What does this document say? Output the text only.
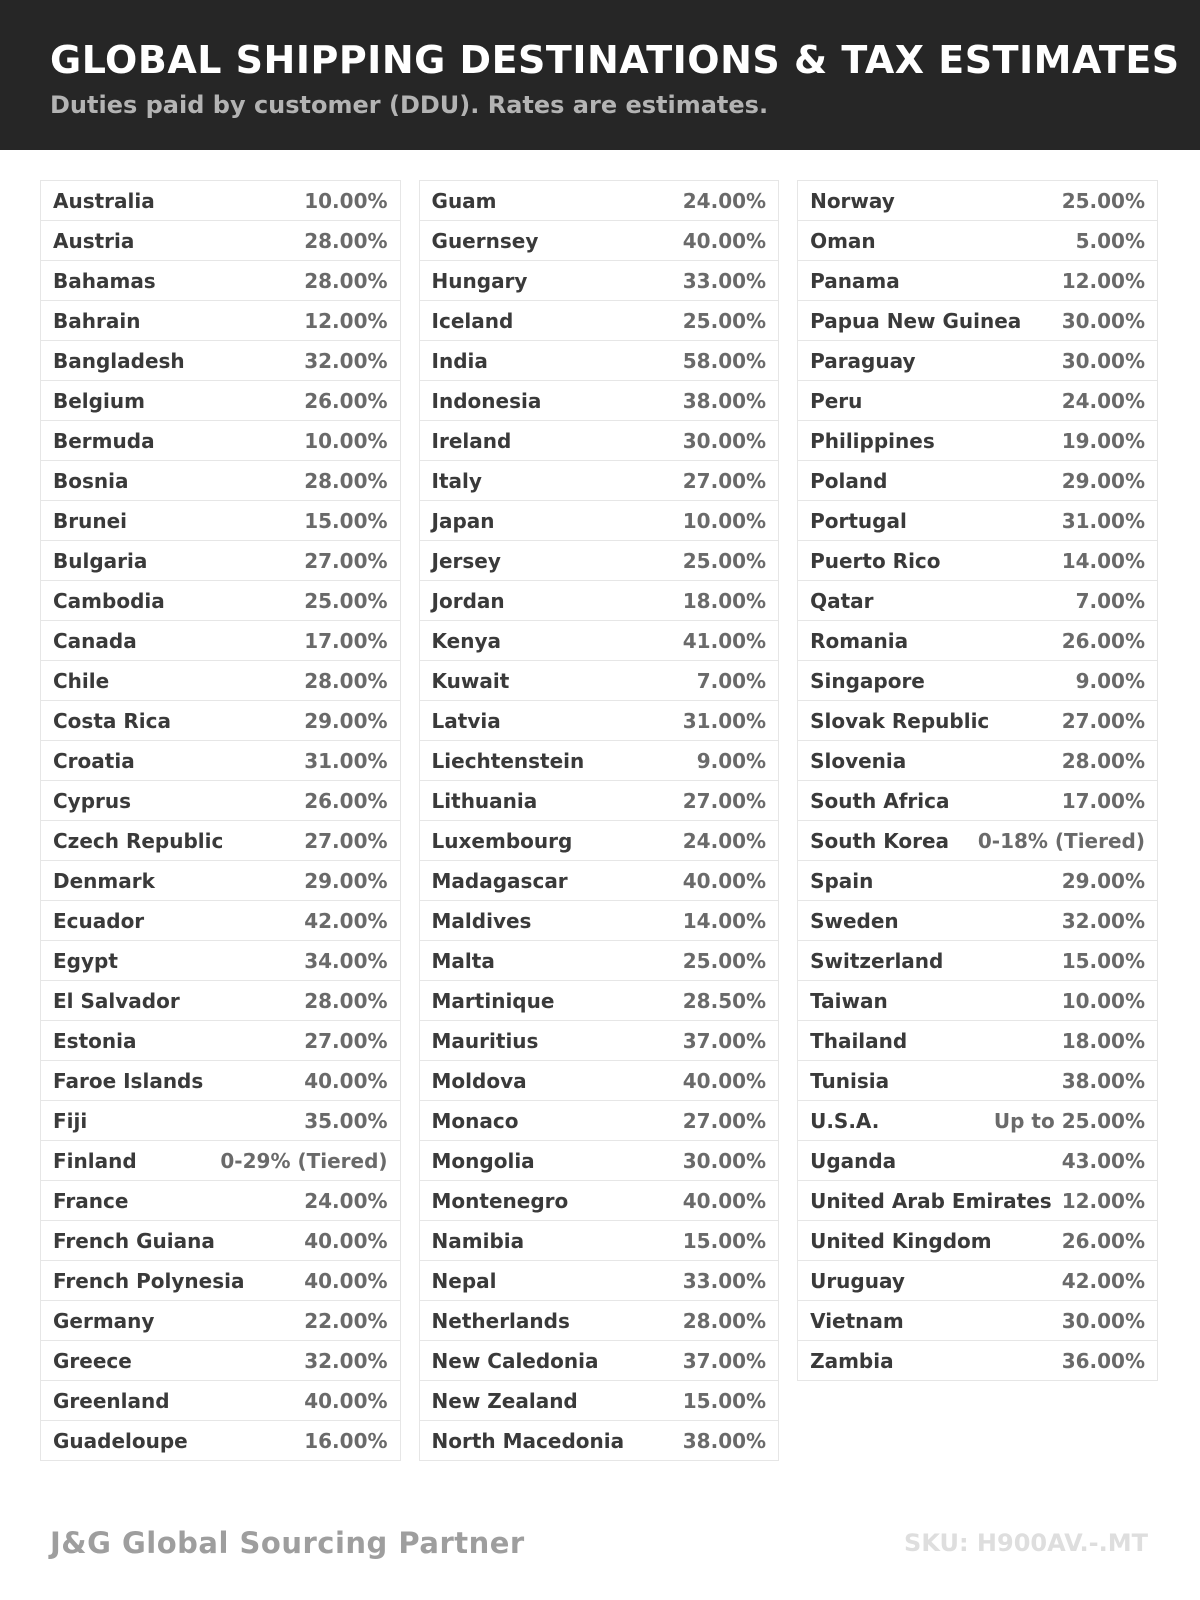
GLOBAL SHIPPING DESTINATIONS & TAX ESTIMATES
Duties paid by customer (DDU). Rates are estimates.
Australia	10.00%
Austria	28.00%
Bahamas	28.00%
Bahrain	12.00%
Bangladesh	32.00%
Belgium	26.00%
Bermuda	10.00%
Bosnia	28.00%
Brunei	15.00%
Bulgaria	27.00%
Cambodia	25.00%
Canada	17.00%
Chile	28.00%
Costa Rica	29.00%
Croatia	31.00%
Cyprus	26.00%
Czech Republic	27.00%
Denmark	29.00%
Ecuador	42.00%
Egypt	34.00%
El Salvador	28.00%
Estonia	27.00%
Faroe Islands	40.00%
Fiji	35.00%
Finland	0-29% (Tiered)
France	24.00%
French Guiana	40.00%
French Polynesia	40.00%
Germany	22.00%
Greece	32.00%
Greenland	40.00%
Guadeloupe	16.00%
Guam	24.00%
Guernsey	40.00%
Hungary	33.00%
Iceland	25.00%
India	58.00%
Indonesia	38.00%
Ireland	30.00%
Italy	27.00%
Japan	10.00%
Jersey	25.00%
Jordan	18.00%
Kenya	41.00%
Kuwait	7.00%
Latvia	31.00%
Liechtenstein	9.00%
Lithuania	27.00%
Luxembourg	24.00%
Madagascar	40.00%
Maldives	14.00%
Malta	25.00%
Martinique	28.50%
Mauritius	37.00%
Moldova	40.00%
Monaco	27.00%
Mongolia	30.00%
Montenegro	40.00%
Namibia	15.00%
Nepal	33.00%
Netherlands	28.00%
New Caledonia	37.00%
New Zealand	15.00%
North Macedonia	38.00%
Norway	25.00%
Oman	5.00%
Panama	12.00%
Papua New Guinea 30.00%
Paraguay	30.00%
Peru	24.00%
Philippines	19.00%
Poland	29.00%
Portugal	31.00%
Puerto Rico	14.00%
Qatar	7.00%
Romania	26.00%
Singapore	9.00%
Slovak Republic	27.00%
Slovenia	28.00%
South Africa	17.00%
South Korea 0-18% (Tiered)
Spain	29.00%
Sweden	32.00%
Switzerland	15.00%
Taiwan	10.00%
Thailand	18.00%
Tunisia	38.00%
U.S.A.	Up to 25.00%
Uganda	43.00%
United Arab Emirates 12.00%
United Kingdom	26.00%
Uruguay	42.00%
Vietnam	30.00%
Zambia	36.00%
J&G Global Sourcing Partner	SKU: H900AV.-.MT
